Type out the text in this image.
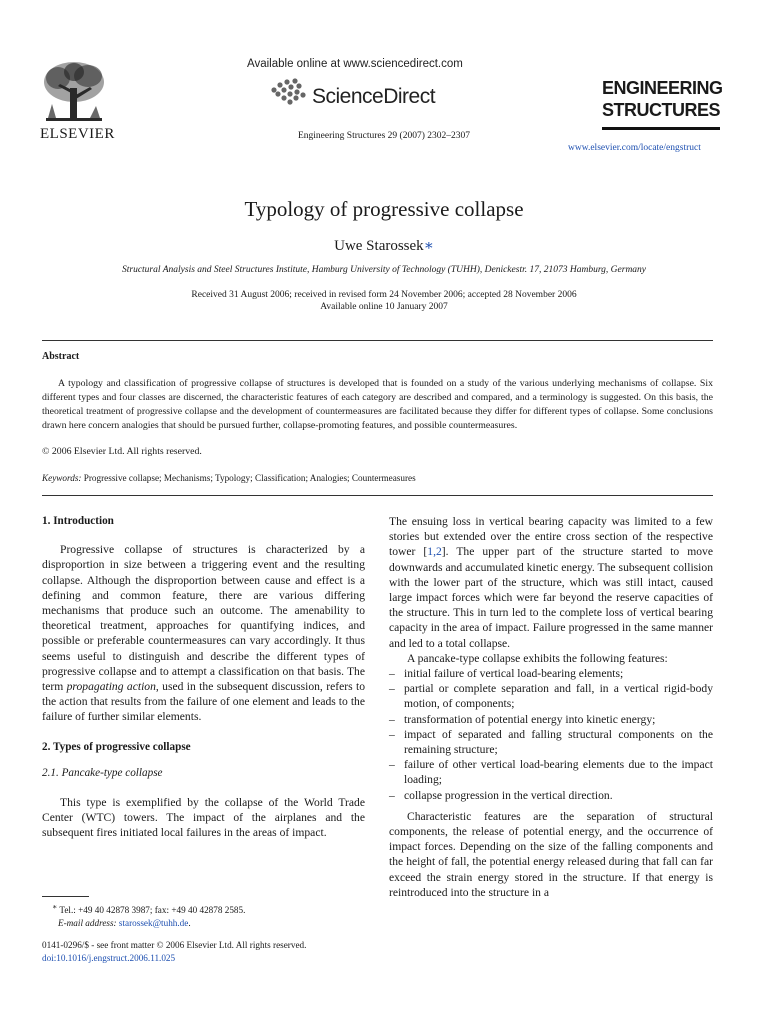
ELSEVIER
Available online at www.sciencedirect.com
ScienceDirect
Engineering Structures 29 (2007) 2302–2307
ENGINEERING
STRUCTURES
www.elsevier.com/locate/engstruct
Typology of progressive collapse
Uwe Starossek∗
Structural Analysis and Steel Structures Institute, Hamburg University of Technology (TUHH), Denickestr. 17, 21073 Hamburg, Germany
Received 31 August 2006; received in revised form 24 November 2006; accepted 28 November 2006
Available online 10 January 2007
Abstract

A typology and classification of progressive collapse of structures is developed that is founded on a study of the various underlying mechanisms of collapse. Six different types and four classes are discerned, the characteristic features of each category are described and compared, and a terminology is suggested. On this basis, the theoretical treatment of progressive collapse and the development of countermeasures are facilitated because they differ for different types of collapse. Some conclusions drawn here concern analogies that should be pursued further, collapse-promoting features, and possible countermeasures.

© 2006 Elsevier Ltd. All rights reserved.
Keywords: Progressive collapse; Mechanisms; Typology; Classification; Analogies; Countermeasures

1. Introduction

Progressive collapse of structures is characterized by a disproportion in size between a triggering event and the resulting collapse. Although the disproportion between cause and effect is a defining and common feature, there are various differing mechanisms that produce such an outcome. The amenability to theoretical treatment, approaches for quantifying indices, and possible or preferable countermeasures can vary accordingly. It thus seems useful to distinguish and describe the different types of progressive collapse and to attempt a classification on that basis. The term propagating action, used in the subsequent discussion, refers to the action that results from the failure of one element and leads to the failure of further similar elements.

2. Types of progressive collapse

2.1. Pancake-type collapse

This type is exemplified by the collapse of the World Trade Center (WTC) towers. The impact of the airplanes and the subsequent fires initiated local failures in the areas of impact.

The ensuing loss in vertical bearing capacity was limited to a few stories but extended over the entire cross section of the respective tower [1,2]. The upper part of the structure started to move downwards and accumulated kinetic energy. The subsequent collision with the lower part of the structure, which was still intact, caused large impact forces which were far beyond the reserve capacities of the structure. This in turn led to the complete loss of vertical bearing capacity in the area of impact. Failure progressed in the same manner and led to a total collapse.

A pancake-type collapse exhibits the following features:

– initial failure of vertical load-bearing elements;
– partial or complete separation and fall, in a vertical rigid-body motion, of components;
– transformation of potential energy into kinetic energy;
– impact of separated and falling structural components on the remaining structure;
– failure of other vertical load-bearing elements due to the impact loading;
– collapse progression in the vertical direction.

Characteristic features are the separation of structural components, the release of potential energy, and the occurrence of impact forces. Depending on the size of the falling components and the height of fall, the potential energy released during that fall can far exceed the strain energy stored in the structure. If that energy is reintroduced into the structure in a

∗ Tel.: +49 40 42878 3987; fax: +49 40 42878 2585.
E-mail address: starossek@tuhh.de.
0141-0296/$ - see front matter © 2006 Elsevier Ltd. All rights reserved.
doi:10.1016/j.engstruct.2006.11.025
